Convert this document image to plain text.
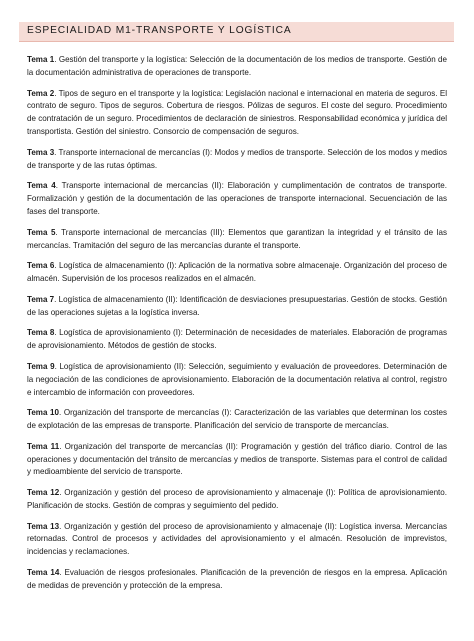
ESPECIALIDAD M1-TRANSPORTE Y LOGÍSTICA

Tema 1. Gestión del transporte y la logística: Selección de la documentación de los medios de transporte. Gestión de la documentación administrativa de operaciones de transporte.

Tema 2. Tipos de seguro en el transporte y la logística: Legislación nacional e internacional en materia de seguros. El contrato de seguro. Tipos de seguros. Cobertura de riesgos. Pólizas de seguros. El coste del seguro. Procedimiento de contratación de un seguro. Procedimientos de declaración de siniestros. Responsabilidad económica y jurídica del transportista. Gestión del siniestro. Consorcio de compensación de seguros.

Tema 3. Transporte internacional de mercancías (I): Modos y medios de transporte. Selección de los modos y medios de transporte y de las rutas óptimas.

Tema 4. Transporte internacional de mercancías (II): Elaboración y cumplimentación de contratos de transporte. Formalización y gestión de la documentación de las operaciones de transporte internacional. Secuenciación de las fases del transporte.

Tema 5. Transporte internacional de mercancías (III): Elementos que garantizan la integridad y el tránsito de las mercancías. Tramitación del seguro de las mercancías durante el transporte.

Tema 6. Logística de almacenamiento (I): Aplicación de la normativa sobre almacenaje. Organización del proceso de almacén. Supervisión de los procesos realizados en el almacén.

Tema 7. Logística de almacenamiento (II): Identificación de desviaciones presupuestarias. Gestión de stocks. Gestión de las operaciones sujetas a la logística inversa.

Tema 8. Logística de aprovisionamiento (I): Determinación de necesidades de materiales. Elaboración de programas de aprovisionamiento. Métodos de gestión de stocks.

Tema 9. Logística de aprovisionamiento (II): Selección, seguimiento y evaluación de proveedores. Determinación de la negociación de las condiciones de aprovisionamiento. Elaboración de la documentación relativa al control, registro e intercambio de información con proveedores.

Tema 10. Organización del transporte de mercancías (I): Caracterización de las variables que determinan los costes de explotación de las empresas de transporte. Planificación del servicio de transporte de mercancías.

Tema 11. Organización del transporte de mercancías (II): Programación y gestión del tráfico diario. Control de las operaciones y documentación del tránsito de mercancías y medios de transporte. Sistemas para el control de calidad y medioambiente del servicio de transporte.

Tema 12. Organización y gestión del proceso de aprovisionamiento y almacenaje (I): Política de aprovisionamiento. Planificación de stocks. Gestión de compras y seguimiento del pedido.

Tema 13. Organización y gestión del proceso de aprovisionamiento y almacenaje (II): Logística inversa. Mercancías retornadas. Control de procesos y actividades del aprovisionamiento y el almacén. Resolución de imprevistos, incidencias y reclamaciones.

Tema 14. Evaluación de riesgos profesionales. Planificación de la prevención de riesgos en la empresa. Aplicación de medidas de prevención y protección de la empresa.
